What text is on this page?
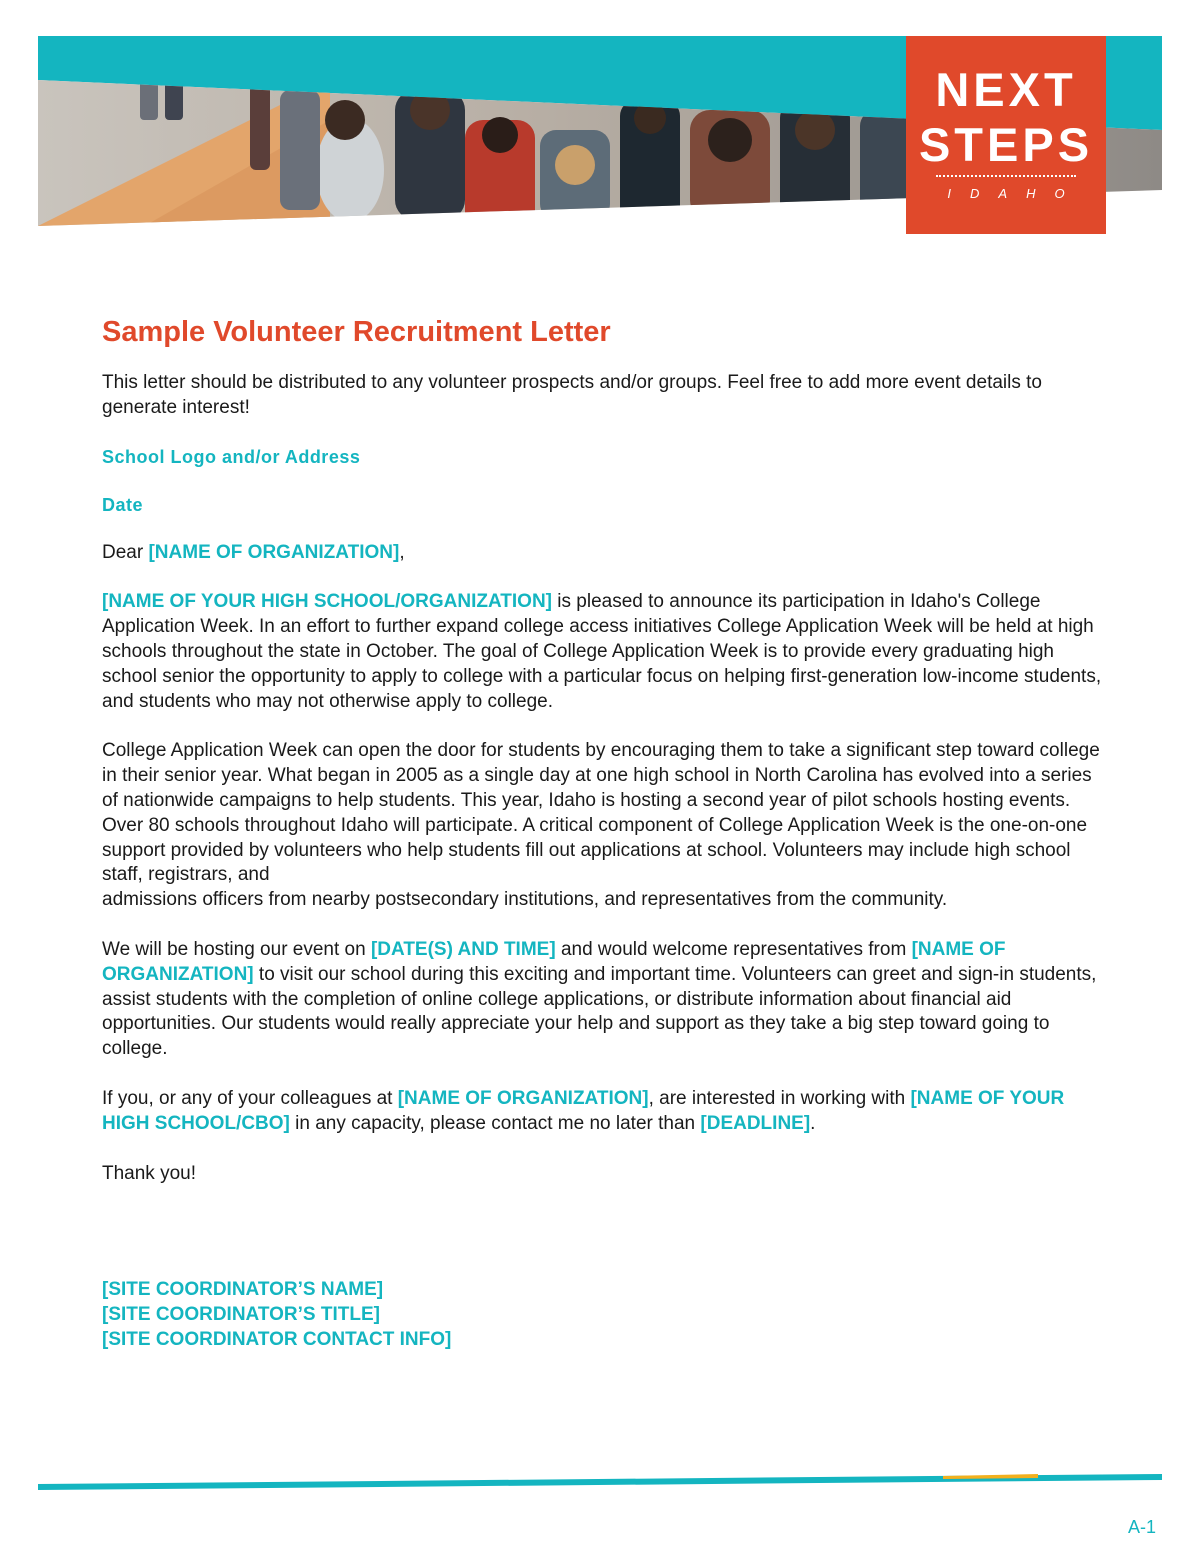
NEXT
STEPS
IDAHO
Sample Volunteer Recruitment Letter

This letter should be distributed to any volunteer prospects and/or groups. Feel free to add more event details to generate interest!

School Logo and/or Address

Date

Dear [NAME OF ORGANIZATION],

[NAME OF YOUR HIGH SCHOOL/ORGANIZATION] is pleased to announce its participation in Idaho's College Application Week. In an effort to further expand college access initiatives College Application Week will be held at high schools throughout the state in October. The goal of College Application Week is to provide every graduating high school senior the opportunity to apply to college with a particular focus on helping first-generation low-income students, and students who may not otherwise apply to college.

College Application Week can open the door for students by encouraging them to take a significant step toward college in their senior year. What began in 2005 as a single day at one high school in North Carolina has evolved into a series of nationwide campaigns to help students. This year, Idaho is hosting a second year of pilot schools hosting events. Over 80 schools throughout Idaho will participate. A critical component of College Application Week is the one-on-one support provided by volunteers who help students fill out applications at school. Volunteers may include high school staff, registrars, and
admissions officers from nearby postsecondary institutions, and representatives from the community.

We will be hosting our event on [DATE(S) AND TIME] and would welcome representatives from [NAME OF ORGANIZATION] to visit our school during this exciting and important time. Volunteers can greet and sign-in students, assist students with the completion of online college applications, or distribute information about financial aid opportunities. Our students would really appreciate your help and support as they take a big step toward going to college.

If you, or any of your colleagues at [NAME OF ORGANIZATION], are interested in working with [NAME OF YOUR HIGH SCHOOL/CBO] in any capacity, please contact me no later than [DEADLINE].

Thank you!

[SITE COORDINATOR’S NAME]

[SITE COORDINATOR’S TITLE]

[SITE COORDINATOR CONTACT INFO]

A-1
